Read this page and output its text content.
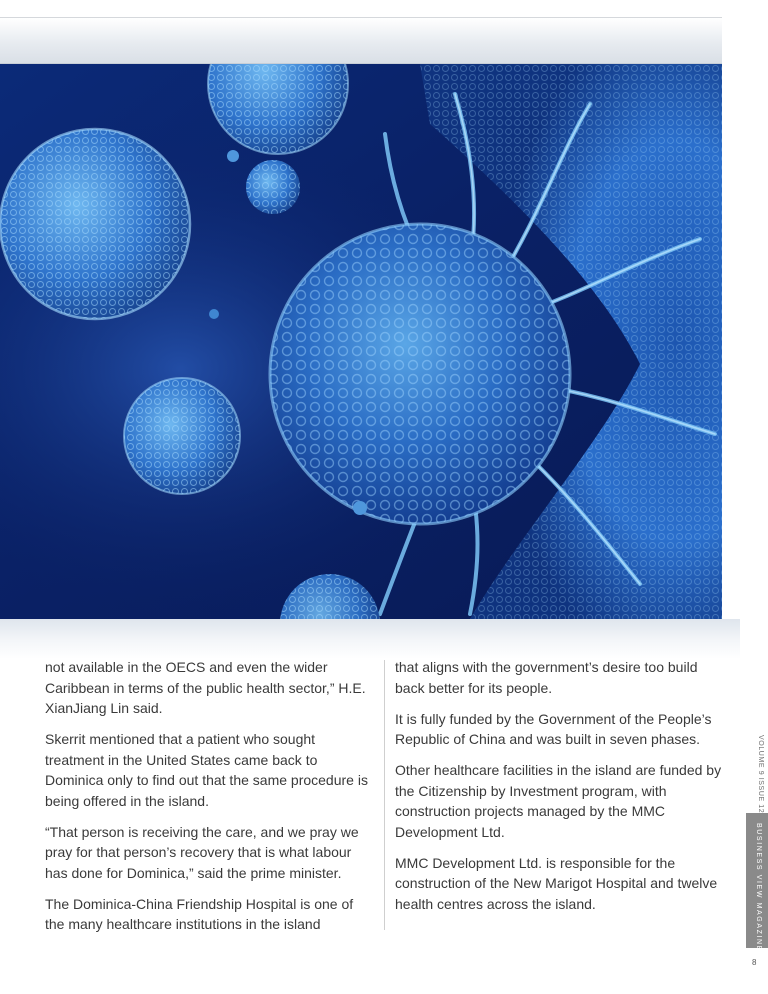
not available in the OECS and even the wider Caribbean in terms of the public health sector,” H.E. XianJiang Lin said.

Skerrit mentioned that a patient who sought treatment in the United States came back to Dominica only to find out that the same procedure is being offered in the island.

“That person is receiving the care, and we pray we pray for that person’s recovery that is what labour has done for Dominica,” said the prime minister.

The Dominica-China Friendship Hospital is one of the many healthcare institutions in the island

that aligns with the government’s desire too build back better for its people.

It is fully funded by the Government of the People’s Republic of China and was built in seven phases.

Other healthcare facilities in the island are funded by the Citizenship by Investment program, with construction projects managed by the MMC Development Ltd.

MMC Development Ltd. is responsible for the construction of the New Marigot Hospital and twelve health centres across the island.

VOLUME 9 ISSUE 12
BUSINESS VIEW MAGAZINE
8
